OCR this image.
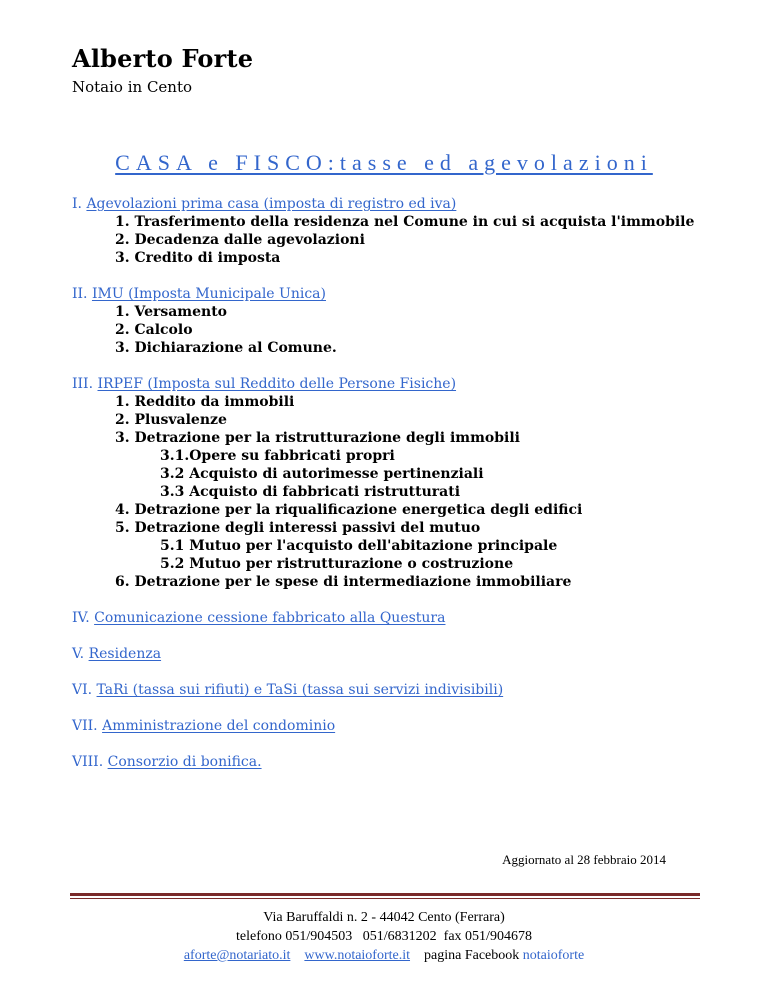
Alberto Forte
Notaio in Cento
CASA e FISCO:tasse ed agevolazioni
I. Agevolazioni prima casa (imposta di registro ed iva)
1. Trasferimento della residenza nel Comune in cui si acquista l'immobile
2. Decadenza dalle agevolazioni
3. Credito di imposta
II. IMU (Imposta Municipale Unica)
1. Versamento
2. Calcolo
3. Dichiarazione al Comune.
III. IRPEF (Imposta sul Reddito delle Persone Fisiche)
1. Reddito da immobili
2. Plusvalenze
3. Detrazione per la ristrutturazione degli immobili
3.1.Opere su fabbricati propri
3.2 Acquisto di autorimesse pertinenziali
3.3 Acquisto di fabbricati ristrutturati
4. Detrazione per la riqualificazione energetica degli edifici
5. Detrazione degli interessi passivi del mutuo
5.1 Mutuo per l'acquisto dell'abitazione principale
5.2 Mutuo per ristrutturazione o costruzione
6. Detrazione per le spese di intermediazione immobiliare
IV. Comunicazione cessione fabbricato alla Questura
V. Residenza
VI. TaRi (tassa sui rifiuti) e TaSi (tassa sui servizi indivisibili)
VII. Amministrazione del condominio
VIII. Consorzio di bonifica.
Aggiornato al 28 febbraio 2014
Via Baruffaldi n. 2 - 44042 Cento (Ferrara)
telefono 051/904503   051/6831202  fax 051/904678
aforte@notariato.it www.notaioforte.it pagina Facebook notaioforte
